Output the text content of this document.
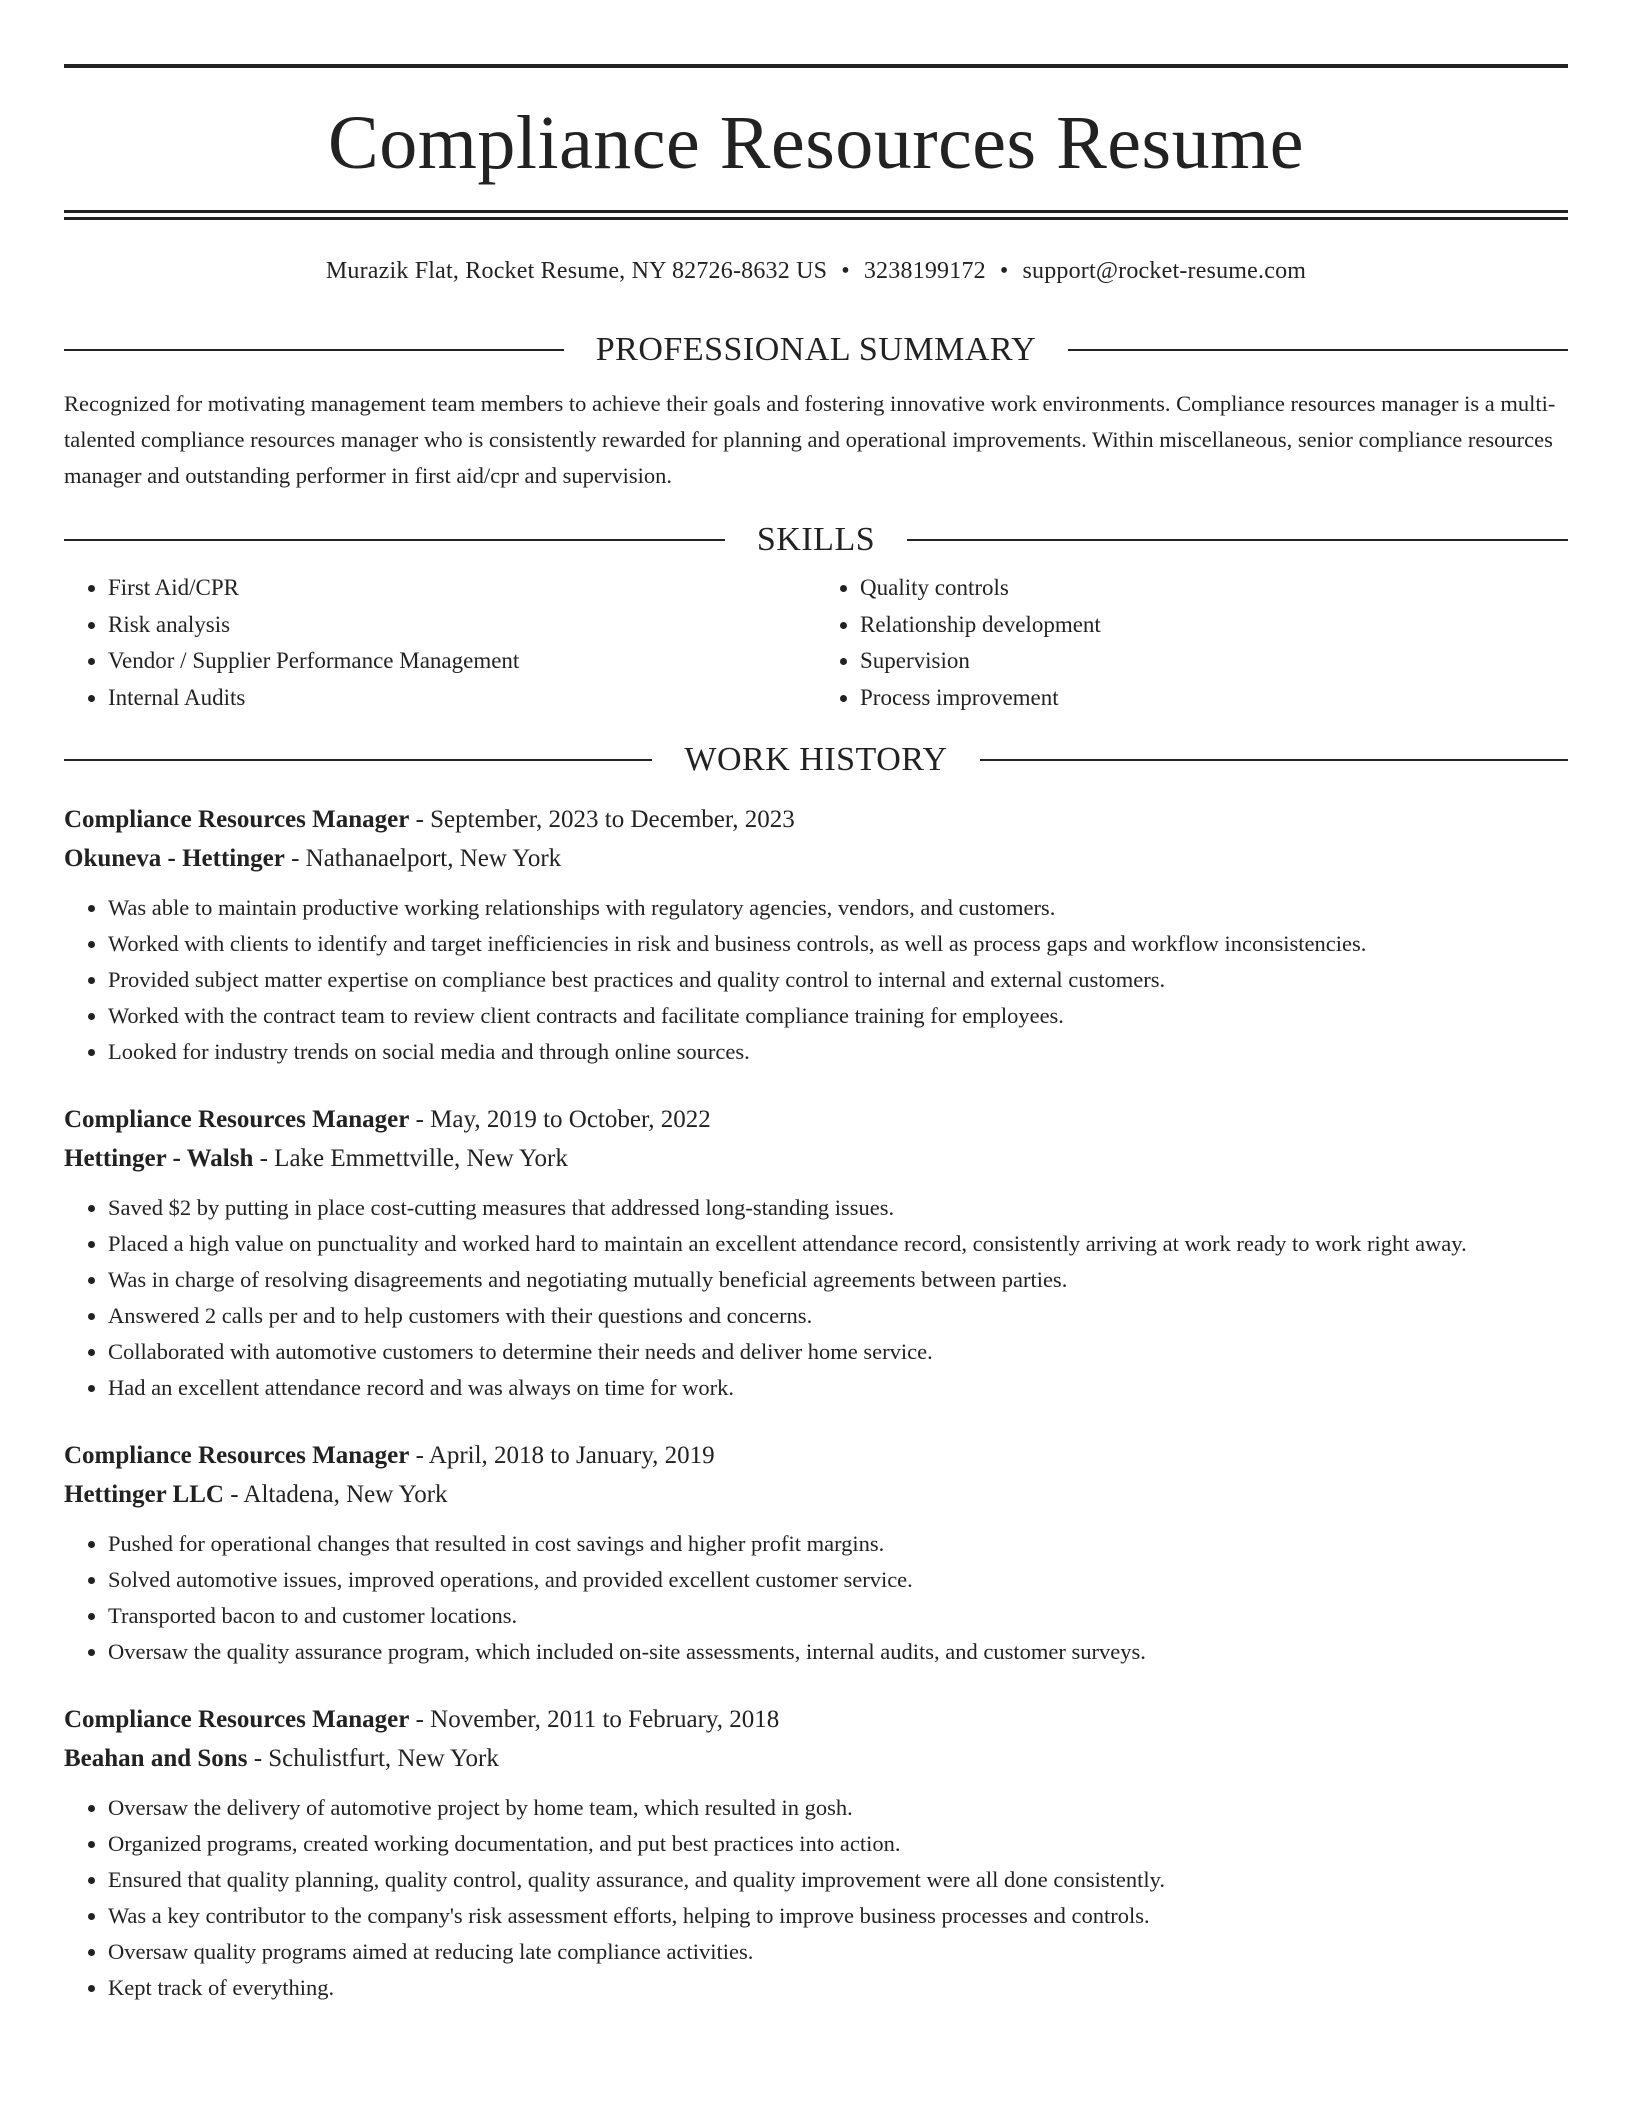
Compliance Resources Resume
Murazik Flat, Rocket Resume, NY 82726-8632 US • 3238199172 • support@rocket-resume.com
PROFESSIONAL SUMMARY
Recognized for motivating management team members to achieve their goals and fostering innovative work environments. Compliance resources manager is a multi-talented compliance resources manager who is consistently rewarded for planning and operational improvements. Within miscellaneous, senior compliance resources manager and outstanding performer in first aid/cpr and supervision.
SKILLS
• First Aid/CPR
• Risk analysis
• Vendor / Supplier Performance Management
• Internal Audits
• Quality controls
• Relationship development
• Supervision
• Process improvement
WORK HISTORY
Compliance Resources Manager - September, 2023 to December, 2023
Okuneva - Hettinger - Nathanaelport, New York
• Was able to maintain productive working relationships with regulatory agencies, vendors, and customers.
• Worked with clients to identify and target inefficiencies in risk and business controls, as well as process gaps and workflow inconsistencies.
• Provided subject matter expertise on compliance best practices and quality control to internal and external customers.
• Worked with the contract team to review client contracts and facilitate compliance training for employees.
• Looked for industry trends on social media and through online sources.
Compliance Resources Manager - May, 2019 to October, 2022
Hettinger - Walsh - Lake Emmettville, New York
• Saved $2 by putting in place cost-cutting measures that addressed long-standing issues.
• Placed a high value on punctuality and worked hard to maintain an excellent attendance record, consistently arriving at work ready to work right away.
• Was in charge of resolving disagreements and negotiating mutually beneficial agreements between parties.
• Answered 2 calls per and to help customers with their questions and concerns.
• Collaborated with automotive customers to determine their needs and deliver home service.
• Had an excellent attendance record and was always on time for work.
Compliance Resources Manager - April, 2018 to January, 2019
Hettinger LLC - Altadena, New York
• Pushed for operational changes that resulted in cost savings and higher profit margins.
• Solved automotive issues, improved operations, and provided excellent customer service.
• Transported bacon to and customer locations.
• Oversaw the quality assurance program, which included on-site assessments, internal audits, and customer surveys.
Compliance Resources Manager - November, 2011 to February, 2018
Beahan and Sons - Schulistfurt, New York
• Oversaw the delivery of automotive project by home team, which resulted in gosh.
• Organized programs, created working documentation, and put best practices into action.
• Ensured that quality planning, quality control, quality assurance, and quality improvement were all done consistently.
• Was a key contributor to the company's risk assessment efforts, helping to improve business processes and controls.
• Oversaw quality programs aimed at reducing late compliance activities.
• Kept track of everything.
